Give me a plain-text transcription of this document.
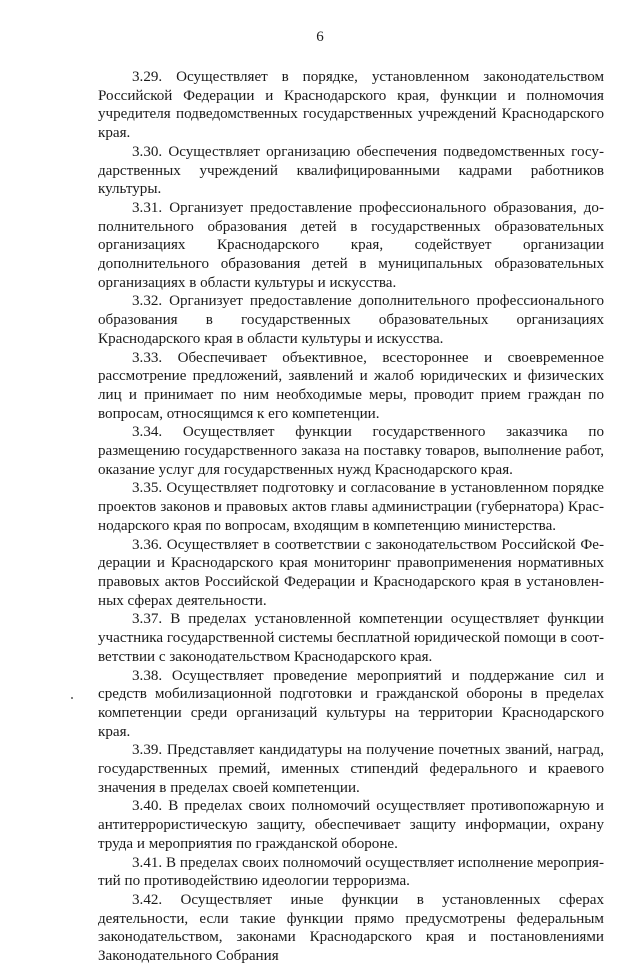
6

3.29. Осуществляет в порядке, установленном законодательством Российской Федерации и Краснодарского края, функции и полномочия учредителя подведомственных государственных учреждений Краснодарского края.

3.30. Осуществляет организацию обеспечения подведомственных государственных учреждений квалифицированными кадрами работников культуры.

3.31. Организует предоставление профессионального образования, дополнительного образования детей в государственных образовательных организациях Краснодарского края, содействует организации дополнительного образования детей в муниципальных образовательных организациях в области культуры и искусства.

3.32. Организует предоставление дополнительного профессионального образования в государственных образовательных организациях Краснодарского края в области культуры и искусства.

3.33. Обеспечивает объективное, всестороннее и своевременное рассмотрение предложений, заявлений и жалоб юридических и физических лиц и принимает по ним необходимые меры, проводит прием граждан по вопросам, относящимся к его компетенции.

3.34. Осуществляет функции государственного заказчика по размещению государственного заказа на поставку товаров, выполнение работ, оказание услуг для государственных нужд Краснодарского края.

3.35. Осуществляет подготовку и согласование в установленном порядке проектов законов и правовых актов главы администрации (губернатора) Краснодарского края по вопросам, входящим в компетенцию министерства.

3.36. Осуществляет в соответствии с законодательством Российской Федерации и Краснодарского края мониторинг правоприменения нормативных правовых актов Российской Федерации и Краснодарского края в установленных сферах деятельности.

3.37. В пределах установленной компетенции осуществляет функции участника государственной системы бесплатной юридической помощи в соответствии с законодательством Краснодарского края.

3.38. Осуществляет проведение мероприятий и поддержание сил и средств мобилизационной подготовки и гражданской обороны в пределах компетенции среди организаций культуры на территории Краснодарского края.

3.39. Представляет кандидатуры на получение почетных званий, наград, государственных премий, именных стипендий федерального и краевого значения в пределах своей компетенции.

3.40. В пределах своих полномочий осуществляет противопожарную и антитеррористическую защиту, обеспечивает защиту информации, охрану труда и мероприятия по гражданской обороне.

3.41. В пределах своих полномочий осуществляет исполнение мероприятий по противодействию идеологии терроризма.

3.42. Осуществляет иные функции в установленных сферах деятельности, если такие функции прямо предусмотрены федеральным законодательством, законами Краснодарского края и постановлениями Законодательного Собрания
